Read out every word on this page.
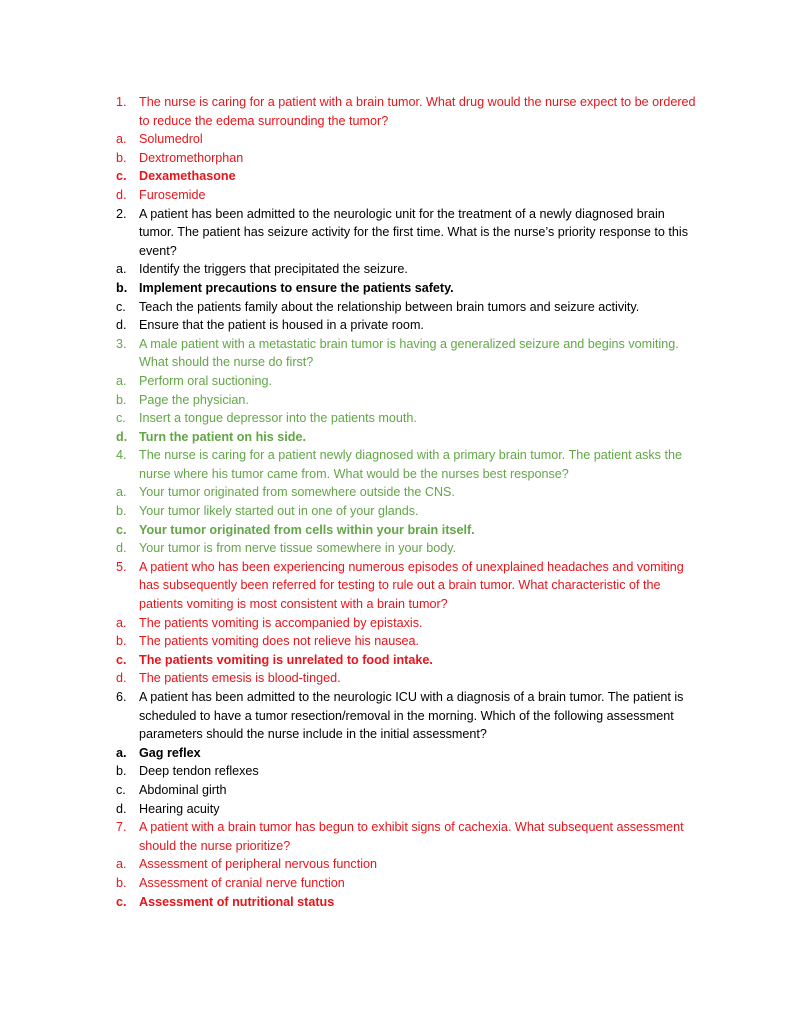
1. The nurse is caring for a patient with a brain tumor. What drug would the nurse expect to be ordered to reduce the edema surrounding the tumor?
a. Solumedrol
b. Dextromethorphan
c. Dexamethasone
d. Furosemide
2. A patient has been admitted to the neurologic unit for the treatment of a newly diagnosed brain tumor. The patient has seizure activity for the first time. What is the nurse’s priority response to this event?
a. Identify the triggers that precipitated the seizure.
b. Implement precautions to ensure the patients safety.
c.	Teach the patients family about the relationship between brain tumors and seizure activity.
d. Ensure that the patient is housed in a private room.
3. A male patient with a metastatic brain tumor is having a generalized seizure and begins vomiting. What should the nurse do first?
a. Perform oral suctioning.
b. Page the physician.
c.	Insert a tongue depressor into the patients mouth.
d. Turn the patient on his side.
4. The nurse is caring for a patient newly diagnosed with a primary brain tumor. The patient asks the nurse where his tumor came from. What would be the nurses best response?
a. Your tumor originated from somewhere outside the CNS.
b. Your tumor likely started out in one of your glands.
c. Your tumor originated from cells within your brain itself.
d. Your tumor is from nerve tissue somewhere in your body.
5. A patient who has been experiencing numerous episodes of unexplained headaches and vomiting has subsequently been referred for testing to rule out a brain tumor. What characteristic of the patients vomiting is most consistent with a brain tumor?
a. The patients vomiting is accompanied by epistaxis.
b. The patients vomiting does not relieve his nausea.
c. The patients vomiting is unrelated to food intake.
d. The patients emesis is blood-tinged.
6. A patient has been admitted to the neurologic ICU with a diagnosis of a brain tumor. The patient is scheduled to have a tumor resection/removal in the morning. Which of the following assessment parameters should the nurse include in the initial assessment?
a. Gag reflex
b. Deep tendon reflexes
c.	Abdominal girth
d. Hearing acuity
7. A patient with a brain tumor has begun to exhibit signs of cachexia. What subsequent assessment should the nurse prioritize?
a. Assessment of peripheral nervous function
b. Assessment of cranial nerve function
c. Assessment of nutritional status
